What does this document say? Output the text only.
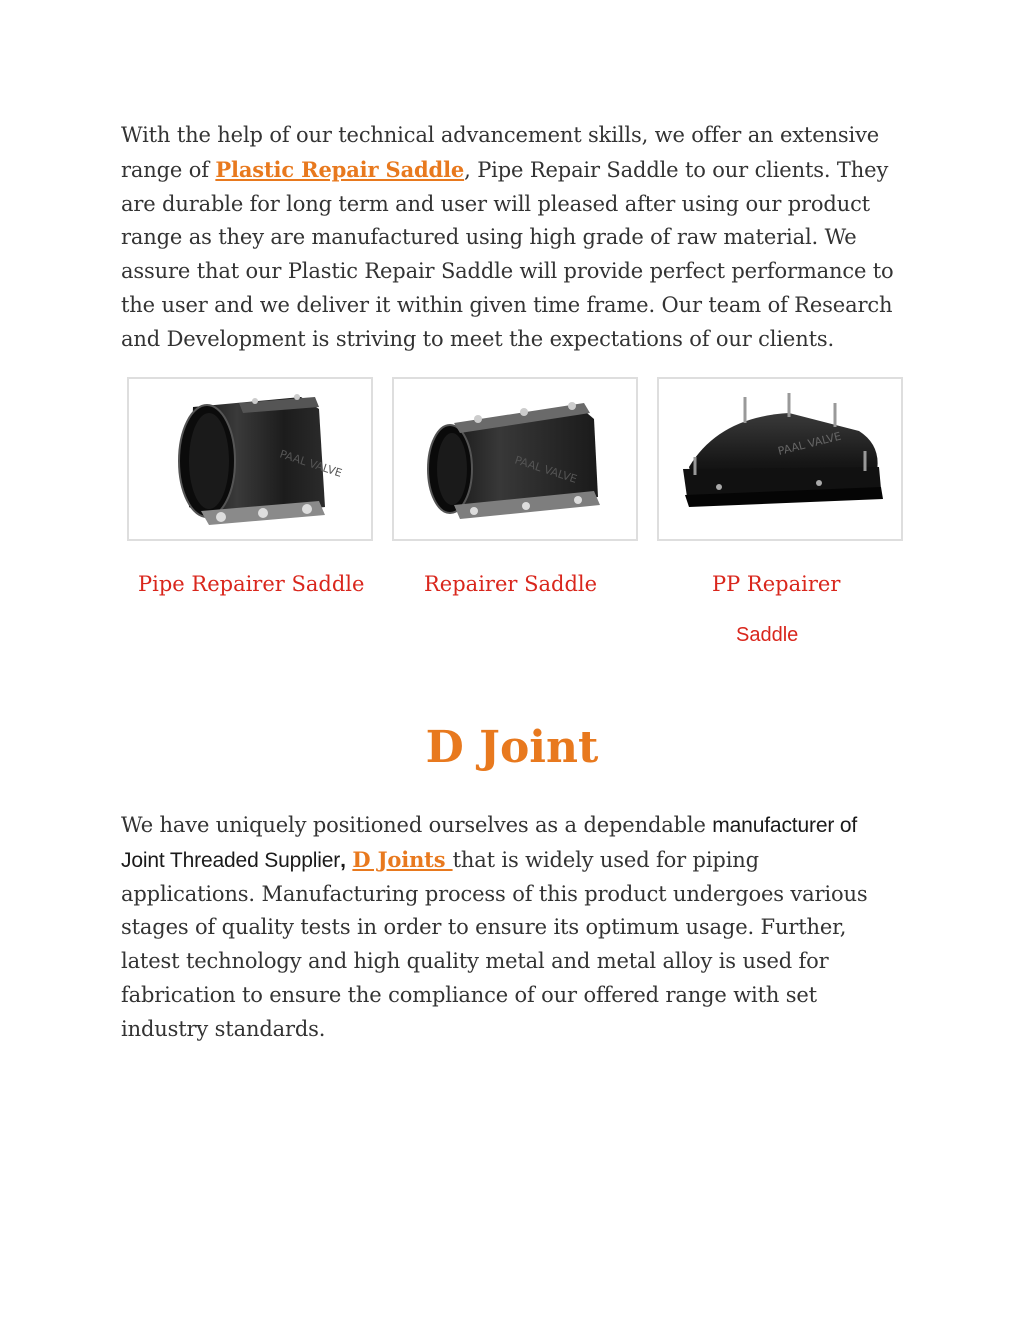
With the help of our technical advancement skills, we offer an extensive
range of Plastic Repair Saddle, Pipe Repair Saddle to our clients. They
are durable for long term and user will pleased after using our product
range as they are manufactured using high grade of raw material. We
assure that our Plastic Repair Saddle will provide perfect performance to
the user and we deliver it within given time frame. Our team of Research
and Development is striving to meet the expectations of our clients.

PAAL VALVE	PAAL VALVE
PAAL VALVE

Pipe Repairer Saddle	Repairer Saddle	PP Repairer

Saddle

D Joint

We have uniquely positioned ourselves as a dependable manufacturer of
Joint Threaded Supplier, D Joints that is widely used for piping
applications. Manufacturing process of this product undergoes various
stages of quality tests in order to ensure its optimum usage. Further,
latest technology and high quality metal and metal alloy is used for
fabrication to ensure the compliance of our offered range with set
industry standards.
